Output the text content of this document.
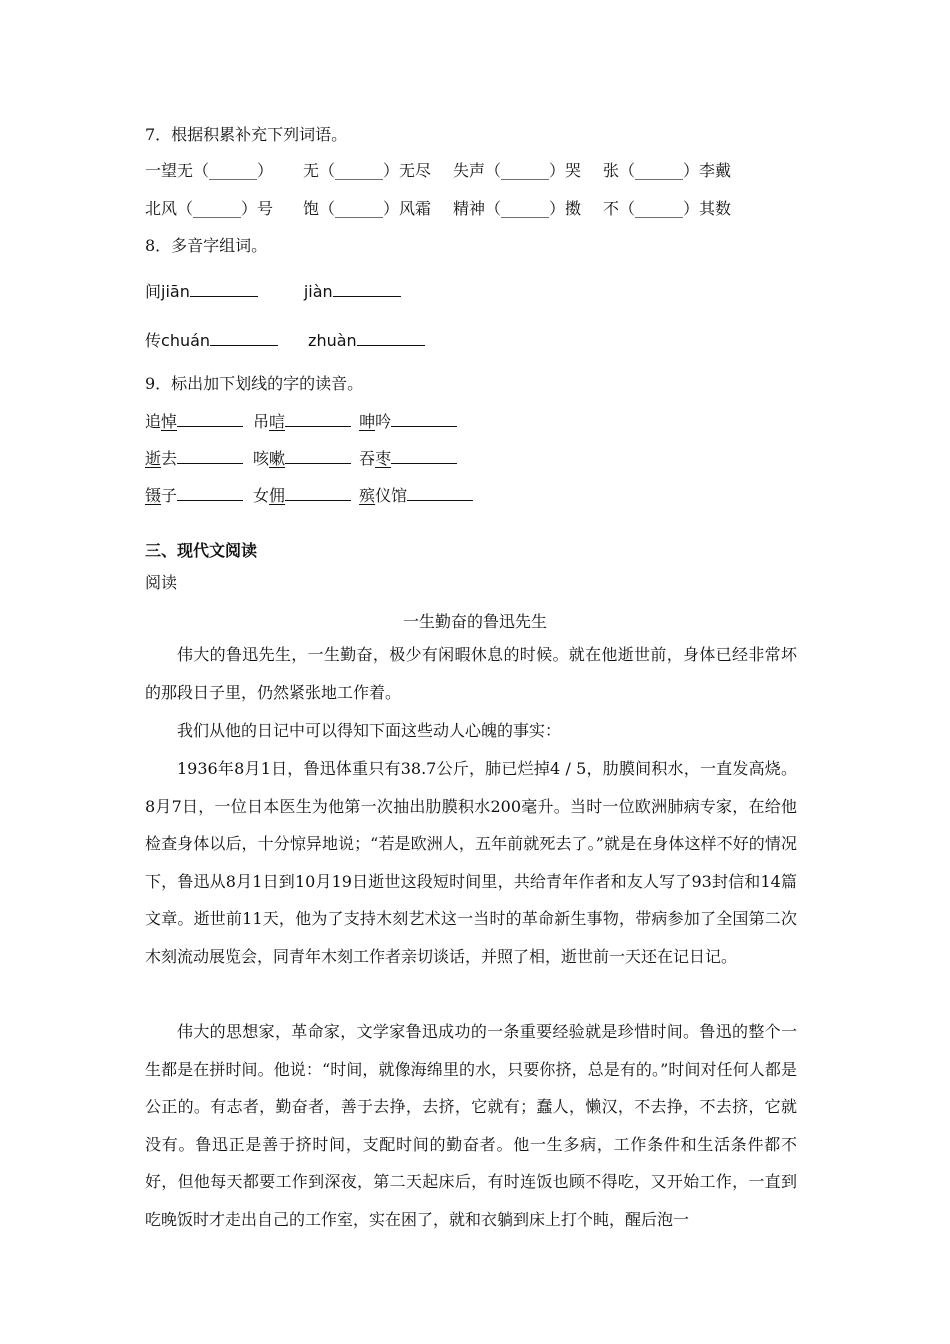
7．根据积累补充下列词语。
一望无（______） 无（______）无尽 失声（______）哭 张（______）李戴
北风（______）号 饱（______）风霜 精神（______）擞 不（______）其数
8．多音字组词。
间jiān	jiàn
传chuán	zhuàn
9．标出加下划线的字的读音。
追悼	吊唁	呻吟
逝去	咳嗽	吞枣
镊子	女佣	殡仪馆
三、现代文阅读
阅读
一生勤奋的鲁迅先生
伟大的鲁迅先生，一生勤奋，极少有闲暇休息的时候。就在他逝世前，身体已经非常坏的那段日子里，仍然紧张地工作着。
我们从他的日记中可以得知下面这些动人心魄的事实：
1936年8月1日，鲁迅体重只有38.7公斤，肺已烂掉4 / 5，肋膜间积水，一直发高烧。8月7日，一位日本医生为他第一次抽出肋膜积水200毫升。当时一位欧洲肺病专家，在给他检查身体以后，十分惊异地说；“若是欧洲人，五年前就死去了。”就是在身体这样不好的情况下，鲁迅从8月1日到10月19日逝世这段短时间里，共给青年作者和友人写了93封信和14篇文章。逝世前11天，他为了支持木刻艺术这一当时的革命新生事物，带病参加了全国第二次木刻流动展览会，同青年木刻工作者亲切谈话，并照了相，逝世前一天还在记日记。
伟大的思想家，革命家，文学家鲁迅成功的一条重要经验就是珍惜时间。鲁迅的整个一生都是在拼时间。他说：“时间，就像海绵里的水，只要你挤，总是有的。”时间对任何人都是公正的。有志者，勤奋者，善于去挣，去挤，它就有；蠢人，懒汉，不去挣，不去挤，它就没有。鲁迅正是善于挤时间，支配时间的勤奋者。他一生多病，工作条件和生活条件都不好，但他每天都要工作到深夜，第二天起床后，有时连饭也顾不得吃，又开始工作，一直到吃晚饭时才走出自己的工作室，实在困了，就和衣躺到床上打个盹，醒后泡一
